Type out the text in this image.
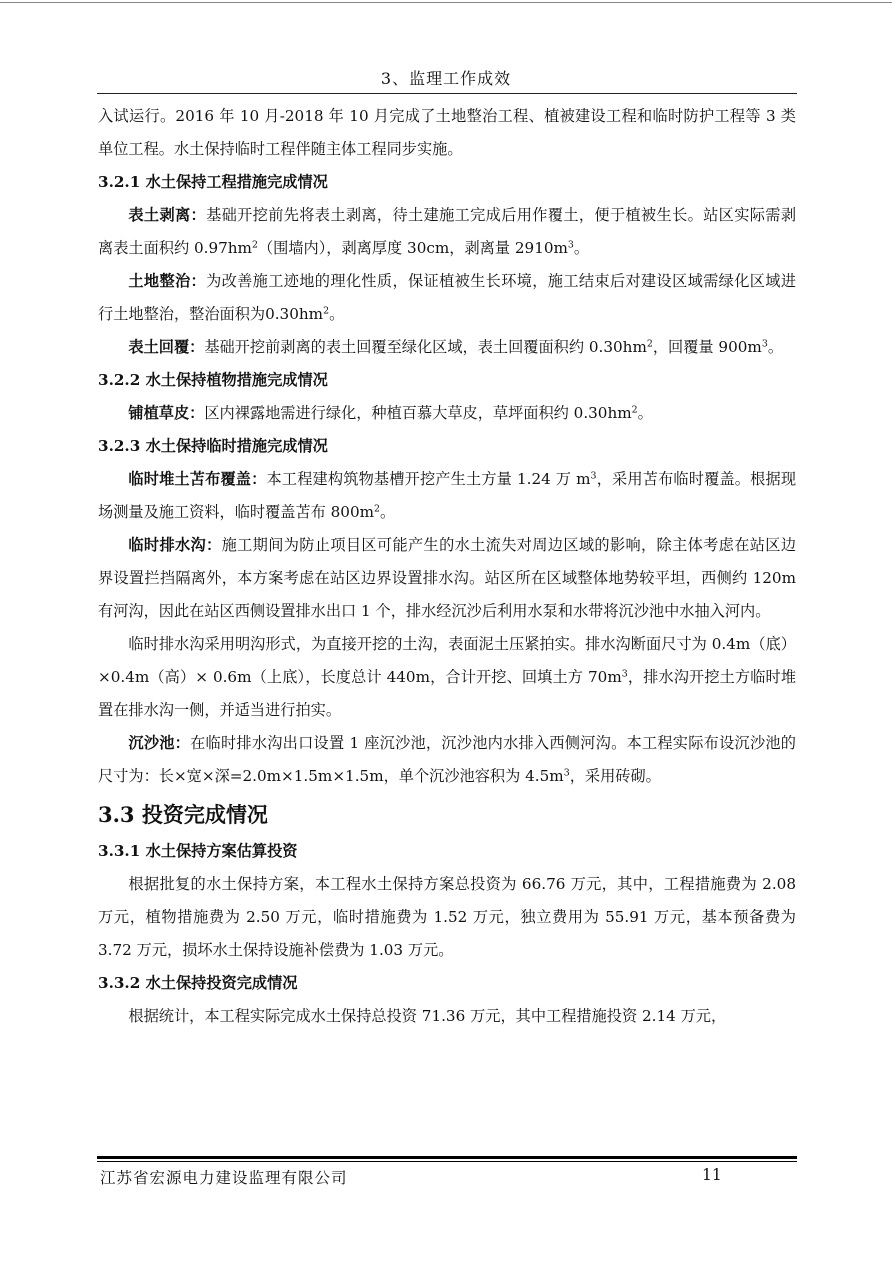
3、监理工作成效

入试运行。2016 年 10 月-2018 年 10 月完成了土地整治工程、植被建设工程和临时防护工程等 3 类单位工程。水土保持临时工程伴随主体工程同步实施。

3.2.1 水土保持工程措施完成情况

表土剥离：基础开挖前先将表土剥离，待土建施工完成后用作覆土，便于植被生长。站区实际需剥离表土面积约 $0.97hm^2$（围墙内），剥离厚度 30cm，剥离量 $2910m^3$。

土地整治：为改善施工迹地的理化性质，保证植被生长环境，施工结束后对建设区域需绿化区域进行土地整治，整治面积为$0.30hm^2$。

表土回覆：基础开挖前剥离的表土回覆至绿化区域，表土回覆面积约 $0.30hm^2$，回覆量 $900m^3$。

3.2.2 水土保持植物措施完成情况

铺植草皮：区内裸露地需进行绿化，种植百慕大草皮，草坪面积约 $0.30hm^2$。

3.2.3 水土保持临时措施完成情况

临时堆土苫布覆盖：本工程建构筑物基槽开挖产生土方量 1.24 万 $m^3$，采用苫布临时覆盖。根据现场测量及施工资料，临时覆盖苫布 $800m^2$。

临时排水沟：施工期间为防止项目区可能产生的水土流失对周边区域的影响，除主体考虑在站区边界设置拦挡隔离外，本方案考虑在站区边界设置排水沟。站区所在区域整体地势较平坦，西侧约 120m 有河沟，因此在站区西侧设置排水出口 1 个，排水经沉沙后利用水泵和水带将沉沙池中水抽入河内。

临时排水沟采用明沟形式，为直接开挖的土沟，表面泥土压紧拍实。排水沟断面尺寸为 0.4m（底）×0.4m（高）× 0.6m（上底），长度总计 440m，合计开挖、回填土方 $70m^3$，排水沟开挖土方临时堆置在排水沟一侧，并适当进行拍实。

沉沙池：在临时排水沟出口设置 1 座沉沙池，沉沙池内水排入西侧河沟。本工程实际布设沉沙池的尺寸为：长×宽×深=2.0m×1.5m×1.5m，单个沉沙池容积为 $4.5m^3$，采用砖砌。

3.3 投资完成情况

3.3.1 水土保持方案估算投资

根据批复的水土保持方案，本工程水土保持方案总投资为 66.76 万元，其中，工程措施费为 2.08 万元，植物措施费为 2.50 万元，临时措施费为 1.52 万元，独立费用为 55.91 万元，基本预备费为 3.72 万元，损坏水土保持设施补偿费为 1.03 万元。

3.3.2 水土保持投资完成情况

根据统计，本工程实际完成水土保持总投资 71.36 万元，其中工程措施投资 2.14 万元，

江苏省宏源电力建设监理有限公司	11
